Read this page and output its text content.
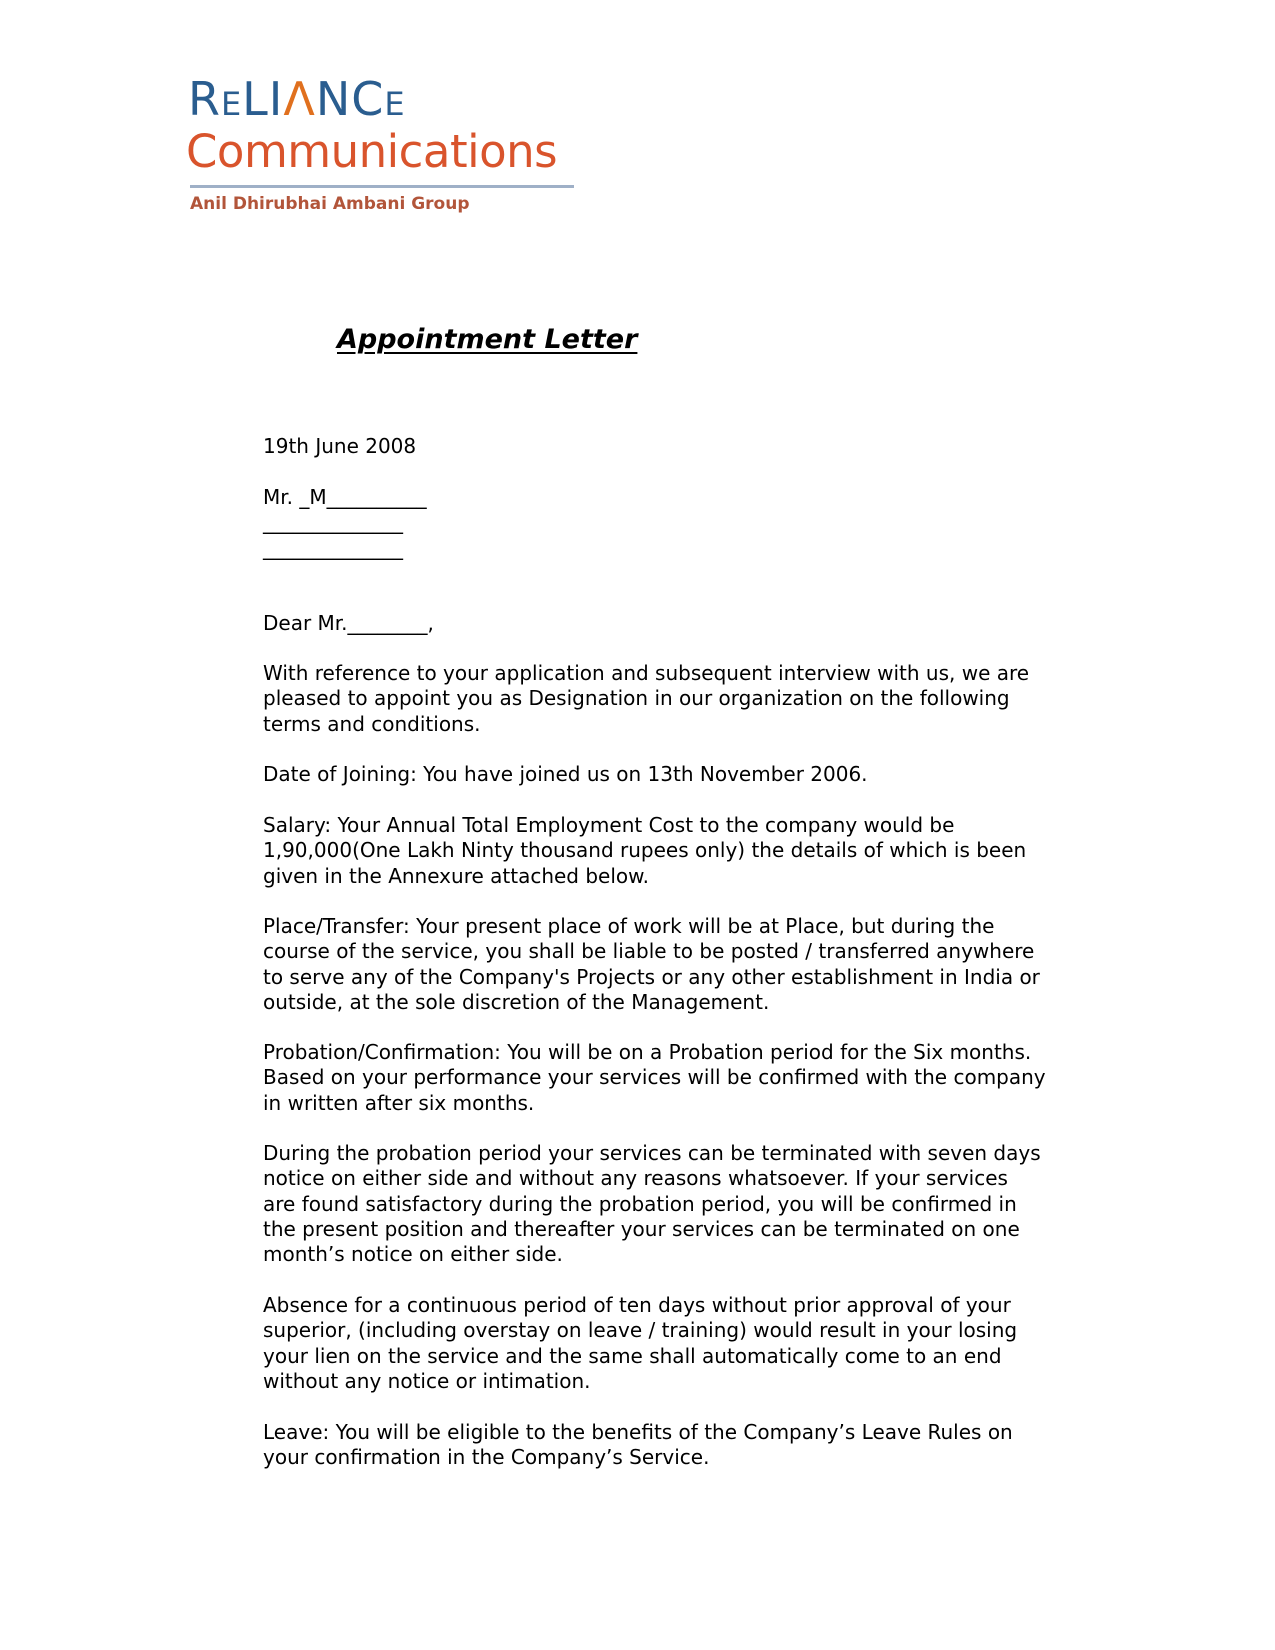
ReLIΛNCe
Communications
Anil Dhirubhai Ambani Group
Appointment Letter
19th June 2008
Mr. _M__________
______________
______________
Dear Mr.________,
With reference to your application and subsequent interview with us, we are
pleased to appoint you as Designation in our organization on the following
terms and conditions.
Date of Joining: You have joined us on 13th November 2006.
Salary: Your Annual Total Employment Cost to the company would be
1,90,000(One Lakh Ninty thousand rupees only) the details of which is been
given in the Annexure attached below.
Place/Transfer: Your present place of work will be at Place, but during the
course of the service, you shall be liable to be posted / transferred anywhere
to serve any of the Company's Projects or any other establishment in India or
outside, at the sole discretion of the Management.
Probation/Confirmation: You will be on a Probation period for the Six months.
Based on your performance your services will be confirmed with the company
in written after six months.
During the probation period your services can be terminated with seven days
notice on either side and without any reasons whatsoever. If your services
are found satisfactory during the probation period, you will be confirmed in
the present position and thereafter your services can be terminated on one
month’s notice on either side.
Absence for a continuous period of ten days without prior approval of your
superior, (including overstay on leave / training) would result in your losing
your lien on the service and the same shall automatically come to an end
without any notice or intimation.
Leave: You will be eligible to the benefits of the Company’s Leave Rules on
your confirmation in the Company’s Service.
